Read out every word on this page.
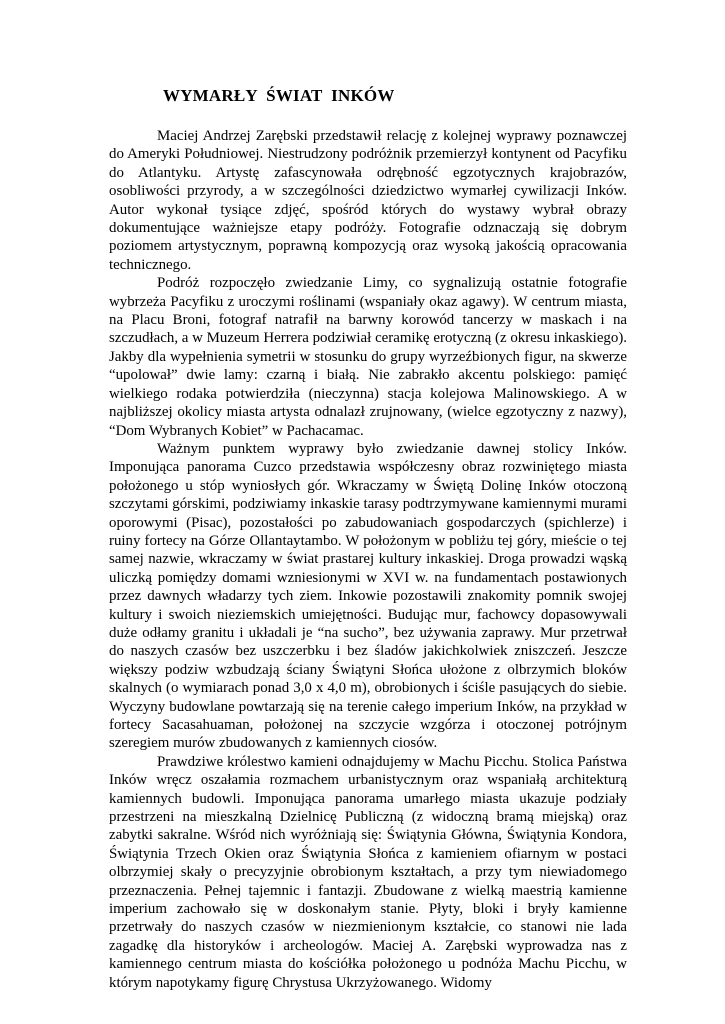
WYMARŁY  ŚWIAT  INKÓW

Maciej Andrzej Zarębski przedstawił relację z kolejnej wyprawy poznawczej do Ameryki Południowej. Niestrudzony podróżnik przemierzył kontynent od Pacyfiku do Atlantyku. Artystę zafascynowała odrębność egzotycznych krajobrazów, osobliwości przyrody, a w szczególności dziedzictwo wymarłej cywilizacji Inków. Autor wykonał tysiące zdjęć, spośród których do wystawy wybrał obrazy dokumentujące ważniejsze etapy podróży. Fotografie odznaczają się dobrym poziomem artystycznym, poprawną kompozycją oraz wysoką jakością opracowania technicznego.

Podróż rozpoczęło zwiedzanie Limy, co sygnalizują ostatnie fotografie wybrzeża Pacyfiku z uroczymi roślinami (wspaniały okaz agawy). W centrum miasta, na Placu Broni, fotograf natrafił na barwny korowód tancerzy w maskach i na szczudłach, a w Muzeum Herrera podziwiał ceramikę erotyczną (z okresu inkaskiego). Jakby dla wypełnienia symetrii w stosunku do grupy wyrzeźbionych figur, na skwerze “upolował” dwie lamy: czarną i białą. Nie zabrakło akcentu polskiego: pamięć wielkiego rodaka potwierdziła (nieczynna) stacja kolejowa Malinowskiego. A w najbliższej okolicy miasta artysta odnalazł zrujnowany, (wielce egzotyczny z nazwy), “Dom Wybranych Kobiet” w Pachacamac.

Ważnym punktem wyprawy było zwiedzanie dawnej stolicy Inków. Imponująca panorama Cuzco przedstawia współczesny obraz rozwiniętego miasta położonego u stóp wyniosłych gór. Wkraczamy w Świętą Dolinę Inków otoczoną szczytami górskimi, podziwiamy inkaskie tarasy podtrzymywane kamiennymi murami oporowymi (Pisac), pozostałości po zabudowaniach gospodarczych (spichlerze) i ruiny fortecy na Górze Ollantaytambo. W położonym w pobliżu tej góry, mieście o tej samej nazwie, wkraczamy w świat prastarej kultury inkaskiej. Droga prowadzi wąską uliczką pomiędzy domami wzniesionymi w XVI w. na fundamentach postawionych przez dawnych władarzy tych ziem. Inkowie pozostawili znakomity pomnik swojej kultury i swoich nieziemskich umiejętności. Budując mur, fachowcy dopasowywali duże odłamy granitu i układali je “na sucho”, bez używania zaprawy. Mur przetrwał do naszych czasów bez uszczerbku i bez śladów jakichkolwiek zniszczeń. Jeszcze większy podziw wzbudzają ściany Świątyni Słońca ułożone z olbrzymich bloków skalnych (o wymiarach ponad 3,0 x 4,0 m), obrobionych i ściśle pasujących do siebie. Wyczyny budowlane powtarzają się na terenie całego imperium Inków, na przykład w fortecy Sacasahuaman, położonej na szczycie wzgórza i otoczonej potrójnym szeregiem murów zbudowanych z kamiennych ciosów.

Prawdziwe królestwo kamieni odnajdujemy w Machu Picchu. Stolica Państwa Inków wręcz oszałamia rozmachem urbanistycznym oraz wspaniałą architekturą kamiennych budowli. Imponująca panorama umarłego miasta ukazuje podziały przestrzeni na mieszkalną Dzielnicę Publiczną (z widoczną bramą miejską) oraz zabytki sakralne. Wśród nich wyróżniają się: Świątynia Główna, Świątynia Kondora, Świątynia Trzech Okien oraz Świątynia Słońca z kamieniem ofiarnym w postaci olbrzymiej skały o precyzyjnie obrobionym kształtach, a przy tym niewiadomego przeznaczenia. Pełnej tajemnic i fantazji. Zbudowane z wielką maestrią kamienne imperium zachowało się w doskonałym stanie. Płyty, bloki i bryły kamienne przetrwały do naszych czasów w niezmienionym kształcie, co stanowi nie lada zagadkę dla historyków i archeologów. Maciej A. Zarębski wyprowadza nas z kamiennego centrum miasta do kościółka położonego u podnóża Machu Picchu, w którym napotykamy figurę Chrystusa Ukrzyżowanego. Widomy
